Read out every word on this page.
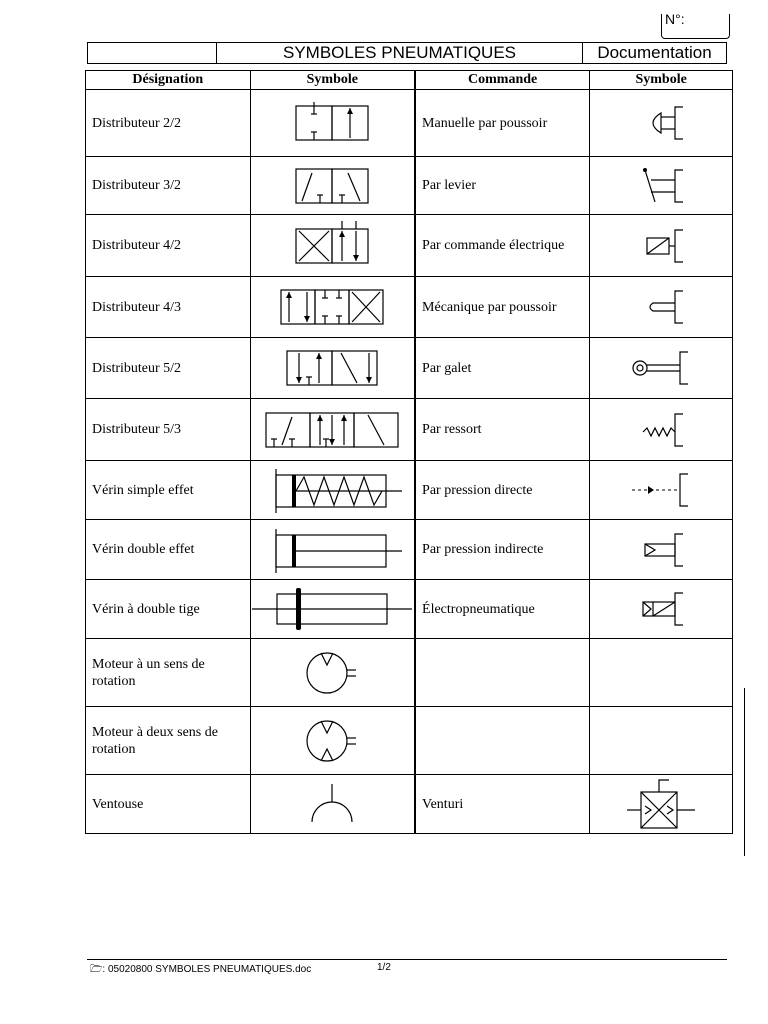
N°:
SYMBOLES PNEUMATIQUES	Documentation
Désignation	Symbole	Commande	Symbole
Distributeur 2/2		Manuelle par poussoir	

Distributeur 3/2		Par levier	

Distributeur 4/2		Par commande électrique	

Distributeur 4/3		Mécanique par poussoir	

Distributeur 5/2		Par galet	

Distributeur 5/3		Par ressort	

Vérin simple effet		Par pression directe	

Vérin double effet		Par pression indirecte	

Vérin à double tige		Électropneumatique	

Moteur à un sens de rotation	

Moteur à deux sens de rotation	

Ventouse		Venturi	
🗁: 05020800 SYMBOLES PNEUMATIQUES.doc	1/2
